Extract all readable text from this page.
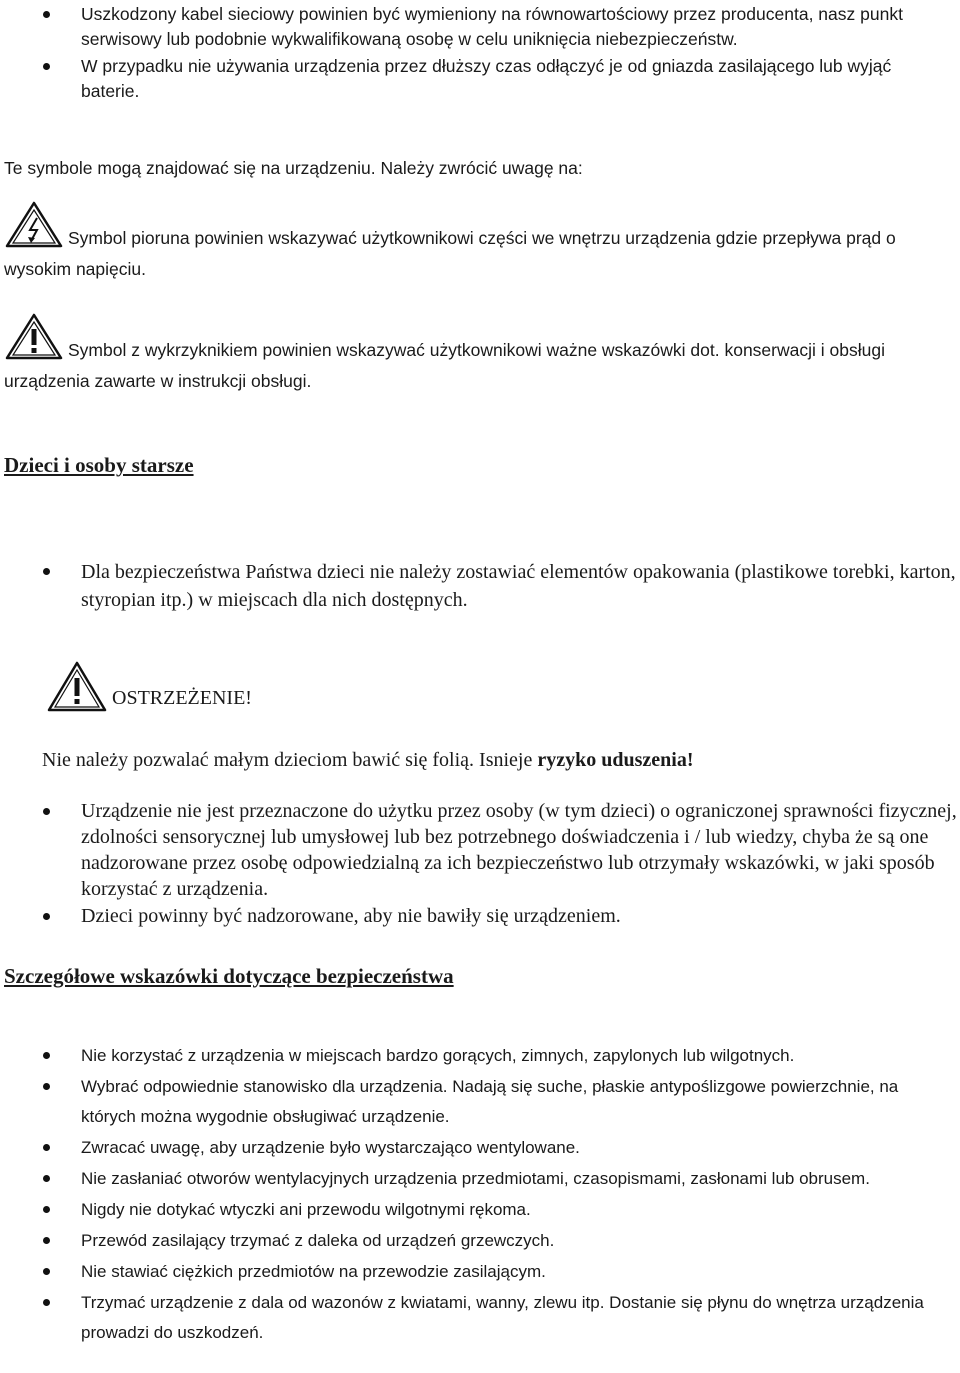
Uszkodzony kabel sieciowy powinien być wymieniony na równowartościowy przez producenta, nasz punkt serwisowy lub podobnie wykwalifikowaną osobę w celu uniknięcia niebezpieczeństw.
W przypadku nie używania urządzenia przez dłuższy czas odłączyć je od gniazda zasilającego lub wyjąć baterie.

Te symbole mogą znajdować się na urządzeniu. Należy zwrócić uwagę na:

Symbol pioruna powinien wskazywać użytkownikowi części we wnętrzu urządzenia gdzie przepływa prąd o wysokim napięciu.

Symbol z wykrzyknikiem powinien wskazywać użytkownikowi ważne wskazówki dot. konserwacji i obsługi urządzenia zawarte w instrukcji obsługi.

Dzieci i osoby starsze
Dla bezpieczeństwa Państwa dzieci nie należy zostawiać elementów opakowania (plastikowe torebki, karton, styropian itp.) w miejscach dla nich dostępnych.
OSTRZEŻENIE!

Nie należy pozwalać małym dzieciom bawić się folią. Isnieje ryzyko uduszenia!

Urządzenie nie jest przeznaczone do użytku przez osoby (w tym dzieci) o ograniczonej sprawności fizycznej, zdolności sensorycznej lub umysłowej lub bez potrzebnego doświadczenia i / lub wiedzy, chyba że są one nadzorowane przez osobę odpowiedzialną za ich bezpieczeństwo lub otrzymały wskazówki, w jaki sposób korzystać z urządzenia.
Dzieci powinny być nadzorowane, aby nie bawiły się urządzeniem.
Szczegółowe wskazówki dotyczące bezpieczeństwa
Nie korzystać z urządzenia w miejscach bardzo gorących, zimnych, zapylonych lub wilgotnych.
Wybrać odpowiednie stanowisko dla urządzenia. Nadają się suche, płaskie antypoślizgowe powierzchnie, na których można wygodnie obsługiwać urządzenie.
Zwracać uwagę, aby urządzenie było wystarczająco wentylowane.
Nie zasłaniać otworów wentylacyjnych urządzenia przedmiotami, czasopismami, zasłonami lub obrusem.
Nigdy nie dotykać wtyczki ani przewodu wilgotnymi rękoma.
Przewód zasilający trzymać z daleka od urządzeń grzewczych.
Nie stawiać ciężkich przedmiotów na przewodzie zasilającym.
Trzymać urządzenie z dala od wazonów z kwiatami, wanny, zlewu itp. Dostanie się płynu do wnętrza urządzenia prowadzi do uszkodzeń.
